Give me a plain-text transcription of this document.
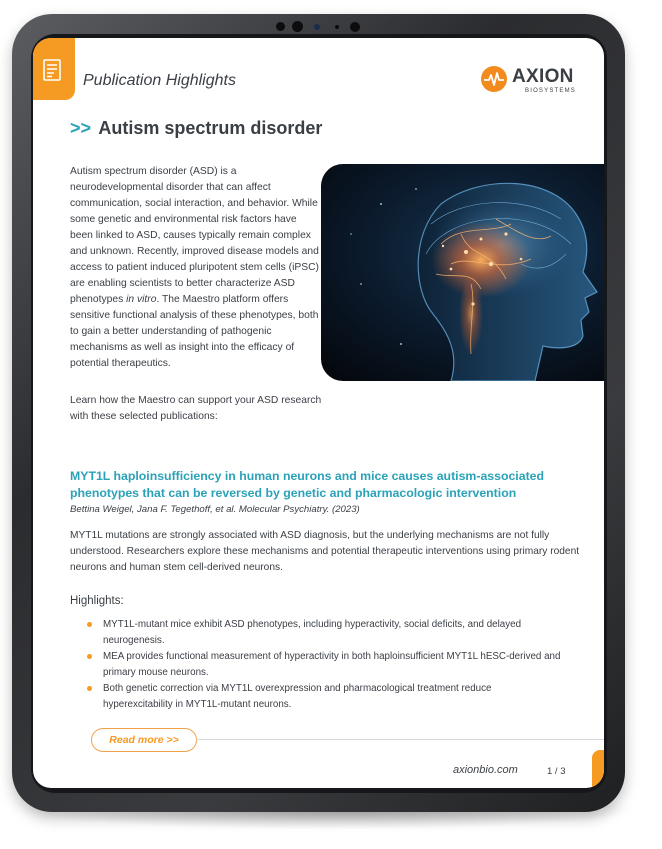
Publication Highlights	AXION
BIOSYSTEMS
>> Autism spectrum disorder
Autism spectrum disorder (ASD) is a neurodevelopmental disorder that can affect communication, social interaction, and behavior. While some genetic and environmental risk factors have been linked to ASD, causes typically remain complex and unknown. Recently, improved disease models and access to patient induced pluripotent stem cells (iPSC) are enabling scientists to better characterize ASD phenotypes in vitro. The Maestro platform offers sensitive functional analysis of these phenotypes, both to gain a better understanding of pathogenic mechanisms as well as insight into the efficacy of potential therapeutics.
Learn how the Maestro can support your ASD research with these selected publications:
MYT1L haploinsufficiency in human neurons and mice causes autism-associated phenotypes that can be reversed by genetic and pharmacologic intervention
Bettina Weigel, Jana F. Tegethoff, et al. Molecular Psychiatry. (2023)
MYT1L mutations are strongly associated with ASD diagnosis, but the underlying mechanisms are not fully understood. Researchers explore these mechanisms and potential therapeutic interventions using primary rodent neurons and human stem cell-derived neurons.
Highlights:
MYT1L-mutant mice exhibit ASD phenotypes, including hyperactivity, social deficits, and delayed neurogenesis.
MEA provides functional measurement of hyperactivity in both haploinsufficient MYT1L hESC-derived and primary mouse neurons.
Both genetic correction via MYT1L overexpression and pharmacological treatment reduce hyperexcitability in MYT1L-mutant neurons.
Read more >>
axionbio.com	1 / 3
